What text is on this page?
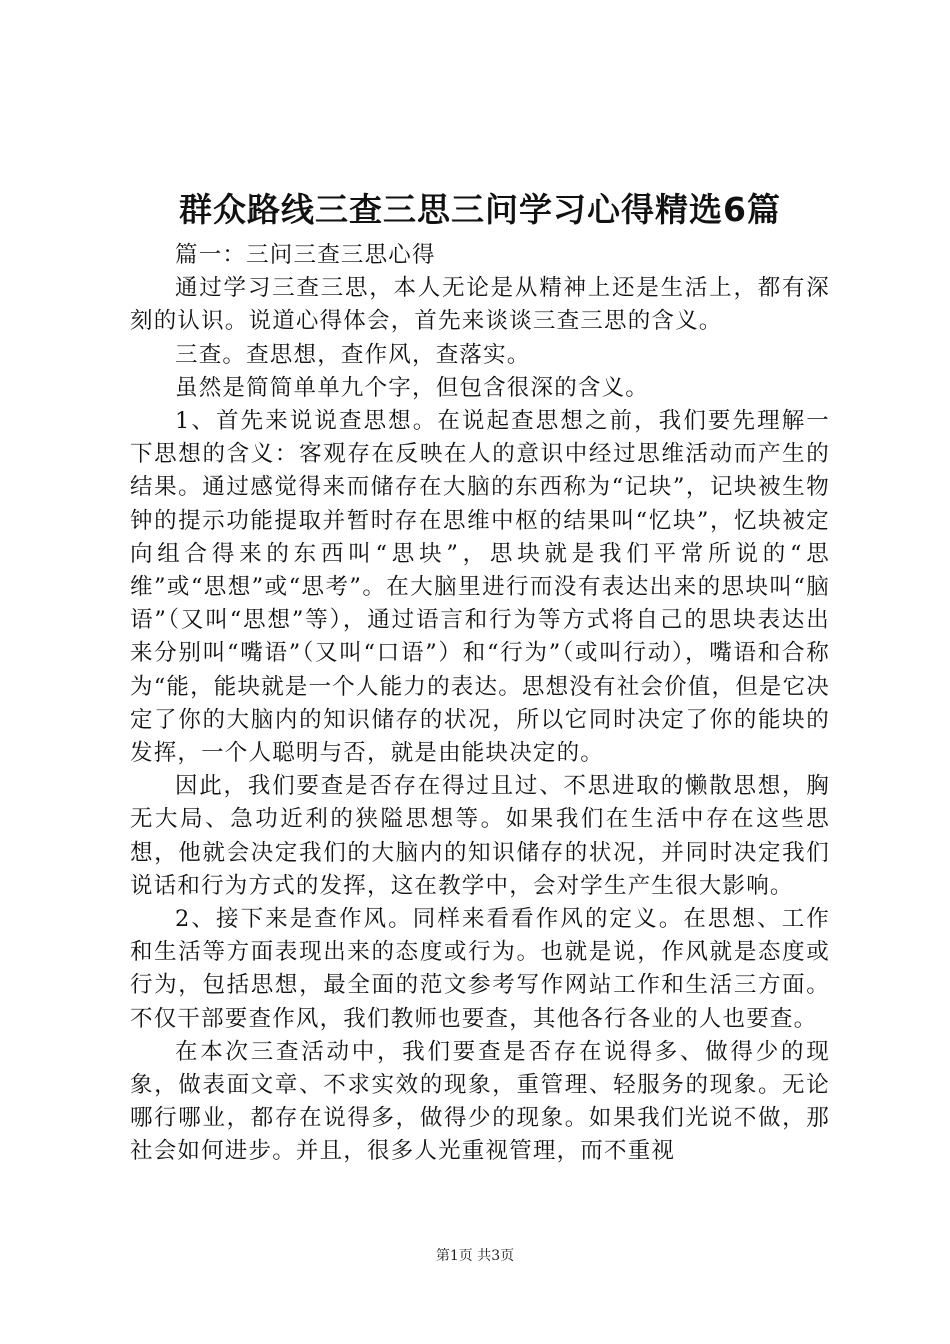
群众路线三查三思三问学习心得精选6篇

篇一：三问三查三思心得

通过学习三查三思，本人无论是从精神上还是生活上，都有深刻的认识。说道心得体会，首先来谈谈三查三思的含义。

三查。查思想，查作风，查落实。

虽然是简简单单九个字，但包含很深的含义。

1、首先来说说查思想。在说起查思想之前，我们要先理解一下思想的含义：客观存在反映在人的意识中经过思维活动而产生的结果。通过感觉得来而储存在大脑的东西称为“记块”，记块被生物钟的提示功能提取并暂时存在思维中枢的结果叫“忆块”，忆块被定向组合得来的东西叫“思块”，思块就是我们平常所说的“思维”或“思想”或“思考”。在大脑里进行而没有表达出来的思块叫“脑语”（又叫“思想”等），通过语言和行为等方式将自己的思块表达出来分别叫“嘴语”（又叫“口语”）和“行为”（或叫行动），嘴语和合称为“能，能块就是一个人能力的表达。思想没有社会价值，但是它决定了你的大脑内的知识储存的状况，所以它同时决定了你的能块的发挥，一个人聪明与否，就是由能块决定的。

因此，我们要查是否存在得过且过、不思进取的懒散思想，胸无大局、急功近利的狭隘思想等。如果我们在生活中存在这些思想，他就会决定我们的大脑内的知识储存的状况，并同时决定我们说话和行为方式的发挥，这在教学中，会对学生产生很大影响。

2、接下来是查作风。同样来看看作风的定义。在思想、工作和生活等方面表现出来的态度或行为。也就是说，作风就是态度或行为，包括思想，最全面的范文参考写作网站工作和生活三方面。不仅干部要查作风，我们教师也要查，其他各行各业的人也要查。

在本次三查活动中，我们要查是否存在说得多、做得少的现象，做表面文章、不求实效的现象，重管理、轻服务的现象。无论哪行哪业，都存在说得多，做得少的现象。如果我们光说不做，那社会如何进步。并且，很多人光重视管理，而不重视

第1页 共3页
